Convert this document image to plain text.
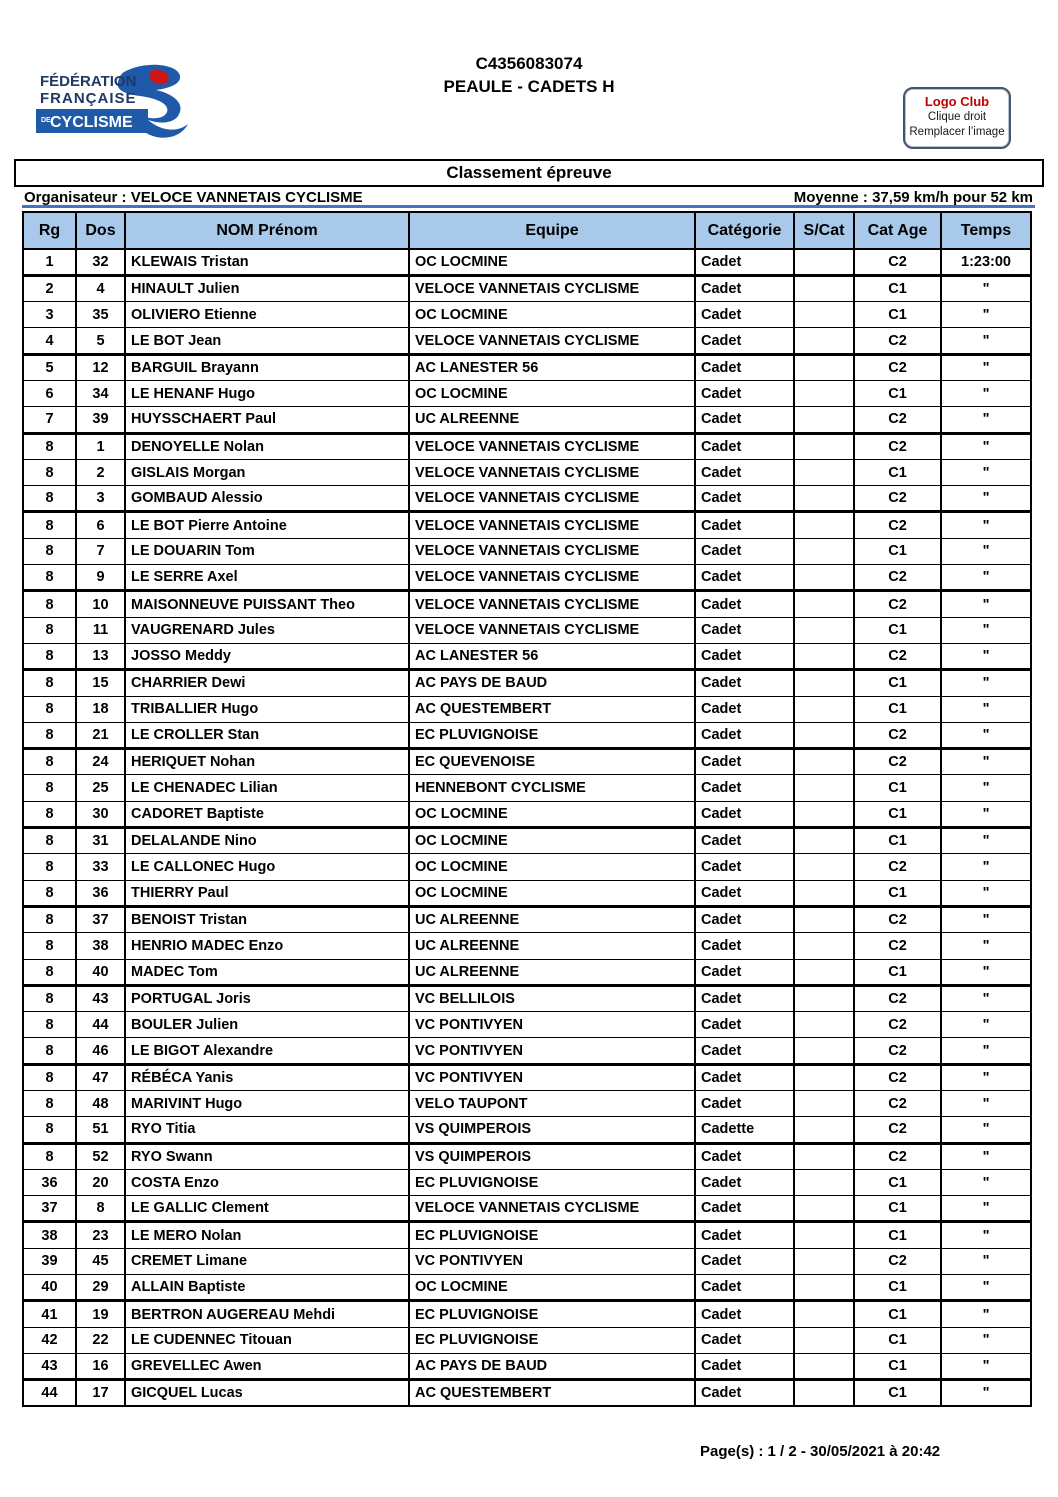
FÉDÉRATION
FRANÇAISE
DE CYCLISME
C4356083074
PEAULE - CADETS H
Logo Club
Clique droit
Remplacer l’image
Classement épreuve
Organisateur : VELOCE VANNETAIS CYCLISME	Moyenne : 37,59 km/h pour 52 km
Rg	Dos	NOM Prénom	Equipe	Catégorie	S/Cat	Cat Age	Temps
1	32	KLEWAIS Tristan	OC LOCMINE	Cadet		C2	1:23:00
2	4	HINAULT Julien	VELOCE VANNETAIS CYCLISME	Cadet		C1	"
3	35	OLIVIERO Etienne	OC LOCMINE	Cadet		C1	"
4	5	LE BOT Jean	VELOCE VANNETAIS CYCLISME	Cadet		C2	"
5	12	BARGUIL Brayann	AC LANESTER 56	Cadet		C2	"
6	34	LE HENANF Hugo	OC LOCMINE	Cadet		C1	"
7	39	HUYSSCHAERT Paul	UC ALREENNE	Cadet		C2	"
8	1	DENOYELLE Nolan	VELOCE VANNETAIS CYCLISME	Cadet		C2	"
8	2	GISLAIS Morgan	VELOCE VANNETAIS CYCLISME	Cadet		C1	"
8	3	GOMBAUD Alessio	VELOCE VANNETAIS CYCLISME	Cadet		C2	"
8	6	LE BOT Pierre Antoine	VELOCE VANNETAIS CYCLISME	Cadet		C2	"
8	7	LE DOUARIN Tom	VELOCE VANNETAIS CYCLISME	Cadet		C1	"
8	9	LE SERRE Axel	VELOCE VANNETAIS CYCLISME	Cadet		C2	"
8	10	MAISONNEUVE PUISSANT Theo	VELOCE VANNETAIS CYCLISME	Cadet		C2	"
8	11	VAUGRENARD Jules	VELOCE VANNETAIS CYCLISME	Cadet		C1	"
8	13	JOSSO Meddy	AC LANESTER 56	Cadet		C2	"
8	15	CHARRIER Dewi	AC PAYS DE BAUD	Cadet		C1	"
8	18	TRIBALLIER Hugo	AC QUESTEMBERT	Cadet		C1	"
8	21	LE CROLLER Stan	EC PLUVIGNOISE	Cadet		C2	"
8	24	HERIQUET Nohan	EC QUEVENOISE	Cadet		C2	"
8	25	LE CHENADEC Lilian	HENNEBONT CYCLISME	Cadet		C1	"
8	30	CADORET Baptiste	OC LOCMINE	Cadet		C1	"
8	31	DELALANDE Nino	OC LOCMINE	Cadet		C1	"
8	33	LE CALLONEC Hugo	OC LOCMINE	Cadet		C2	"
8	36	THIERRY Paul	OC LOCMINE	Cadet		C1	"
8	37	BENOIST Tristan	UC ALREENNE	Cadet		C2	"
8	38	HENRIO MADEC Enzo	UC ALREENNE	Cadet		C2	"
8	40	MADEC Tom	UC ALREENNE	Cadet		C1	"
8	43	PORTUGAL Joris	VC BELLILOIS	Cadet		C2	"
8	44	BOULER Julien	VC PONTIVYEN	Cadet		C2	"
8	46	LE BIGOT Alexandre	VC PONTIVYEN	Cadet		C2	"
8	47	RÉBÉCA Yanis	VC PONTIVYEN	Cadet		C2	"
8	48	MARIVINT Hugo	VELO TAUPONT	Cadet		C2	"
8	51	RYO Titia	VS QUIMPEROIS	Cadette		C2	"
8	52	RYO Swann	VS QUIMPEROIS	Cadet		C2	"
36	20	COSTA Enzo	EC PLUVIGNOISE	Cadet		C1	"
37	8	LE GALLIC Clement	VELOCE VANNETAIS CYCLISME	Cadet		C1	"
38	23	LE MERO Nolan	EC PLUVIGNOISE	Cadet		C1	"
39	45	CREMET Limane	VC PONTIVYEN	Cadet		C2	"
40	29	ALLAIN Baptiste	OC LOCMINE	Cadet		C1	"
41	19	BERTRON AUGEREAU Mehdi	EC PLUVIGNOISE	Cadet		C1	"
42	22	LE CUDENNEC Titouan	EC PLUVIGNOISE	Cadet		C1	"
43	16	GREVELLEC Awen	AC PAYS DE BAUD	Cadet		C1	"
44	17	GICQUEL Lucas	AC QUESTEMBERT	Cadet		C1	"
Page(s) : 1 / 2 - 30/05/2021 à 20:42
